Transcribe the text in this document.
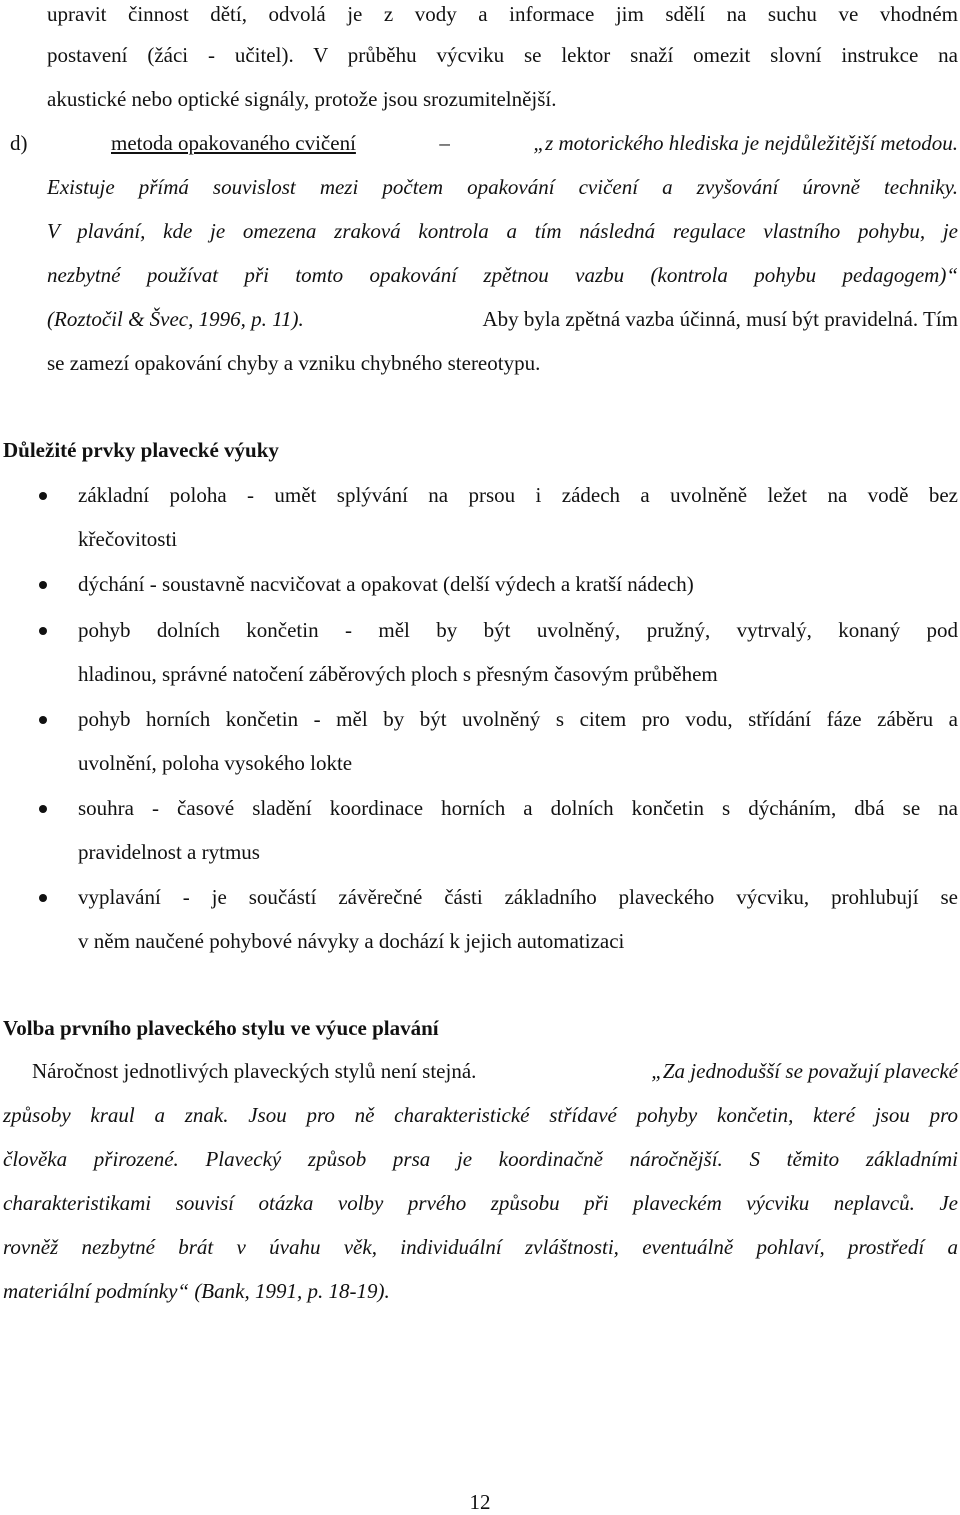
upravit činnost dětí, odvolá je z vody a informace jim sdělí na suchu ve vhodném
postavení (žáci - učitel). V průběhu výcviku se lektor snaží omezit slovní instrukce na
akustické nebo optické signály, protože jsou srozumitelnější.
d)	metoda opakovaného cvičení	–	„z motorického hlediska je nejdůležitější metodou.
Existuje přímá souvislost mezi počtem opakování cvičení a zvyšování úrovně techniky.
V plavání, kde je omezena zraková kontrola a tím následná regulace vlastního pohybu, je
nezbytné používat při tomto opakování zpětnou vazbu (kontrola pohybu pedagogem)“
(Roztočil & Švec, 1996, p. 11).	Aby byla zpětná vazba účinná, musí být pravidelná. Tím
se zamezí opakování chyby a vzniku chybného stereotypu.
Důležité prvky plavecké výuky
základní poloha - umět splývání na prsou i zádech a uvolněně ležet na vodě bez
křečovitosti
dýchání - soustavně nacvičovat a opakovat (delší výdech a kratší nádech)
pohyb dolních končetin - měl by být uvolněný, pružný, vytrvalý, konaný pod
hladinou, správné natočení záběrových ploch s přesným časovým průběhem
pohyb horních končetin - měl by být uvolněný s citem pro vodu, střídání fáze záběru a
uvolnění, poloha vysokého lokte
souhra - časové sladění koordinace horních a dolních končetin s dýcháním, dbá se na
pravidelnost a rytmus
vyplavání - je součástí závěrečné části základního plaveckého výcviku, prohlubují se
v něm naučené pohybové návyky a dochází k jejich automatizaci
Volba prvního plaveckého stylu ve výuce plavání
Náročnost jednotlivých plaveckých stylů není stejná.	„Za jednodušší se považují plavecké
způsoby kraul a znak. Jsou pro ně charakteristické střídavé pohyby končetin, které jsou pro
člověka přirozené. Plavecký způsob prsa je koordinačně náročnější. S těmito základními
charakteristikami souvisí otázka volby prvého způsobu při plaveckém výcviku neplavců. Je
rovněž nezbytné brát v úvahu věk, individuální zvláštnosti, eventuálně pohlaví, prostředí a
materiální podmínky“ (Bank, 1991, p. 18-19).
12
